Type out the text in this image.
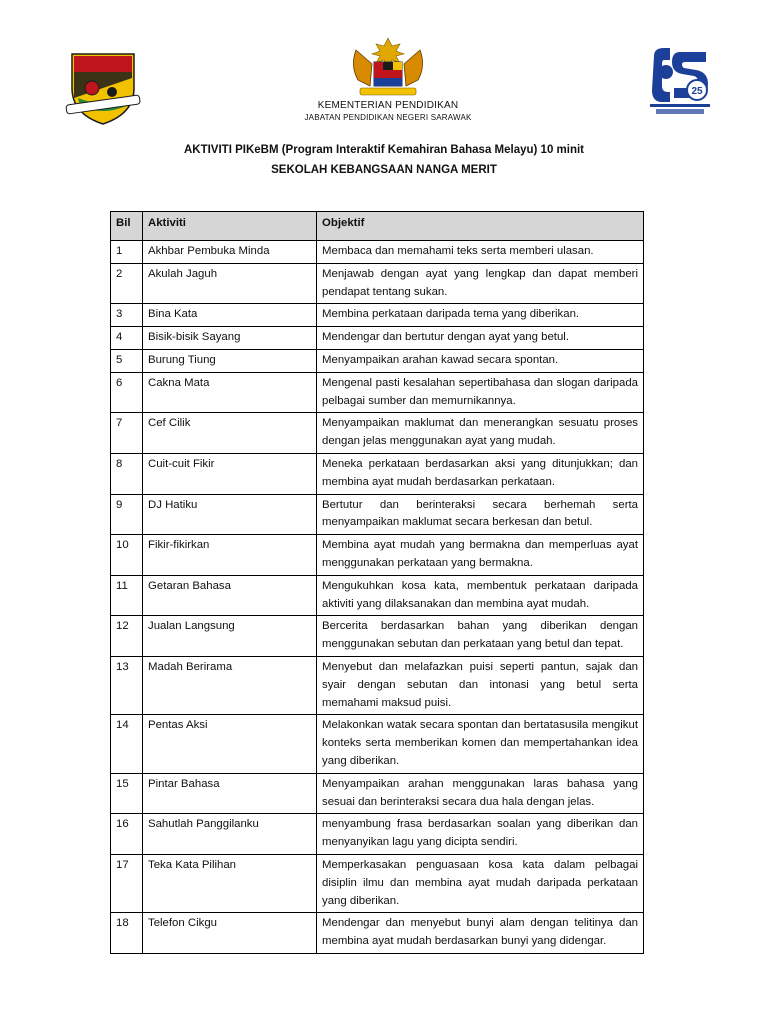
25
KEMENTERIAN PENDIDIKAN
JABATAN PENDIDIKAN NEGERI SARAWAK
AKTIVITI PIKeBM (Program Interaktif Kemahiran Bahasa Melayu) 10 minit
SEKOLAH KEBANGSAAN NANGA MERIT
Bil	Aktiviti	Objektif
1	Akhbar Pembuka Minda	Membaca dan memahami teks serta memberi ulasan.
2	Akulah Jaguh	Menjawab dengan ayat yang lengkap dan dapat memberi pendapat tentang sukan.
3	Bina Kata	Membina perkataan daripada tema yang diberikan.
4	Bisik-bisik Sayang	Mendengar dan bertutur dengan ayat yang betul.
5	Burung Tiung	Menyampaikan arahan kawad secara spontan.
6	Cakna Mata	Mengenal pasti kesalahan sepertibahasa dan slogan daripada pelbagai sumber dan memurnikannya.
7	Cef Cilik	Menyampaikan maklumat dan menerangkan sesuatu proses dengan jelas menggunakan ayat yang mudah.
8	Cuit-cuit Fikir	Meneka perkataan berdasarkan aksi yang ditunjukkan; dan membina ayat mudah berdasarkan perkataan.
9	DJ Hatiku	Bertutur dan berinteraksi secara berhemah serta menyampaikan maklumat secara berkesan dan betul.
10	Fikir-fikirkan	Membina ayat mudah yang bermakna dan memperluas ayat menggunakan perkataan yang bermakna.
11	Getaran Bahasa	Mengukuhkan kosa kata, membentuk perkataan daripada aktiviti yang dilaksanakan dan membina ayat mudah.
12	Jualan Langsung	Bercerita berdasarkan bahan yang diberikan dengan menggunakan sebutan dan perkataan yang betul dan tepat.
13	Madah Berirama	Menyebut dan melafazkan puisi seperti pantun, sajak dan syair dengan sebutan dan intonasi yang betul serta memahami maksud puisi.
14	Pentas Aksi	Melakonkan watak secara spontan dan bertatasusila mengikut konteks serta memberikan komen dan mempertahankan idea yang diberikan.
15	Pintar Bahasa	Menyampaikan arahan menggunakan laras bahasa yang sesuai dan berinteraksi secara dua hala dengan jelas.
16	Sahutlah Panggilanku	menyambung frasa berdasarkan soalan yang diberikan dan menyanyikan lagu yang dicipta sendiri.
17	Teka Kata Pilihan	Memperkasakan penguasaan kosa kata dalam pelbagai disiplin ilmu dan membina ayat mudah daripada perkataan yang diberikan.
18	Telefon Cikgu	Mendengar dan menyebut bunyi alam dengan telitinya dan membina ayat mudah berdasarkan bunyi yang didengar.
